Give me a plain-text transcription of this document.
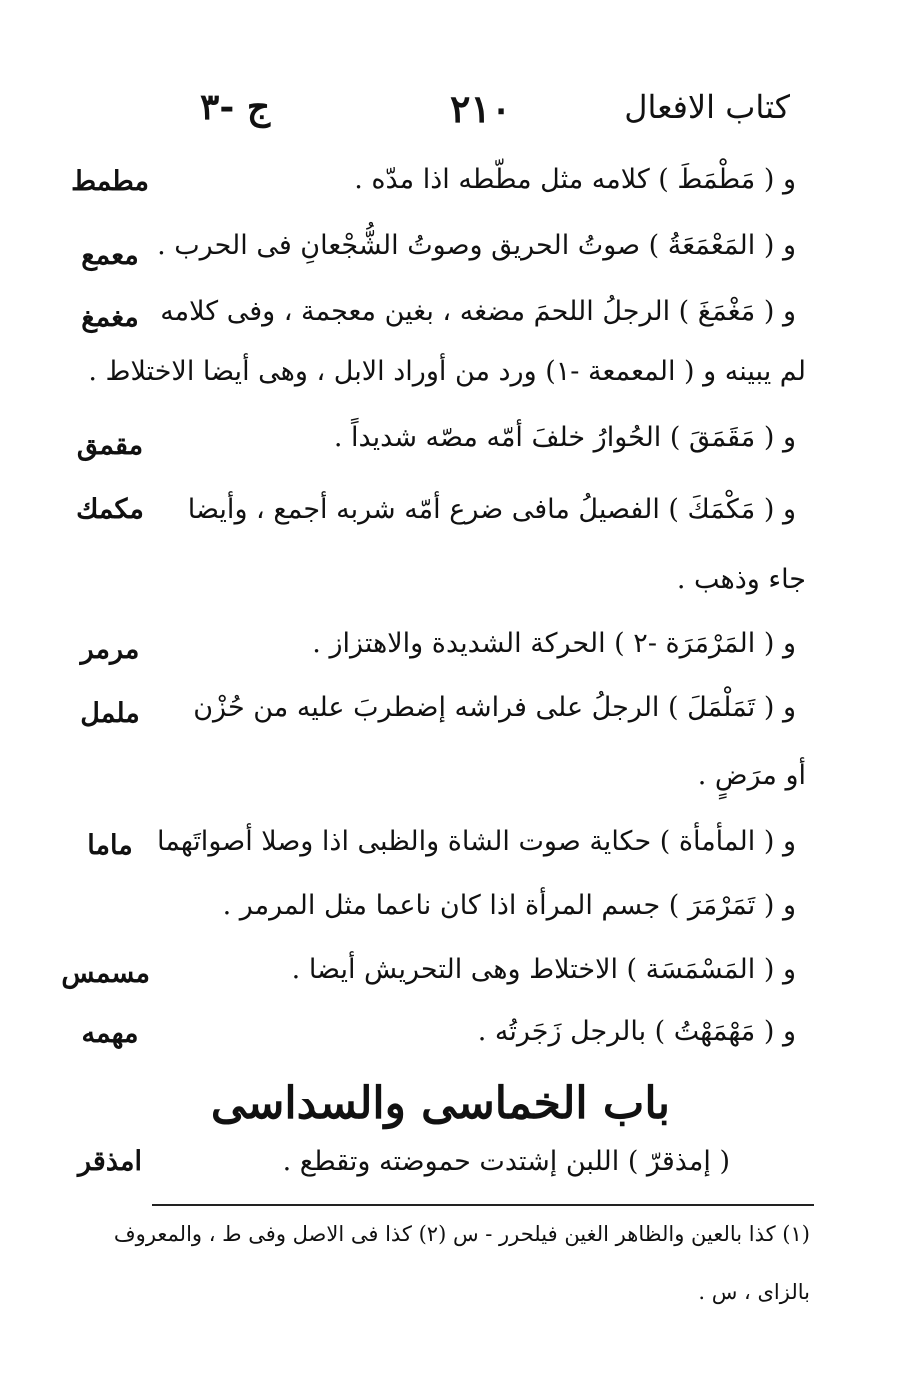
كتاب الافعال
٢١٠
ج -٣
و ( مَطْمَطَ ) كلامه مثل مطّطه اذا مدّه .
مطمط
و ( المَعْمَعَةُ ) صوتُ الحريق وصوتُ الشُّجْعانِ فى الحرب .
معمع
و ( مَغْمَغَ ) الرجلُ اللحمَ مضغه ، بغين معجمة ، وفى كلامه
مغمغ
لم يبينه و ( المعمعة -١) ورد من أوراد الابل ، وهى أيضا الاختلاط .
و ( مَقَمَقَ ) الحُوارُ خلفَ أمّه مصّه شديداً .
مقمق
و ( مَكْمَكَ ) الفصيلُ مافى ضرع أمّه شربه أجمع ، وأيضا
مكمك
جاء وذهب .
و ( المَرْمَرَة -٢ ) الحركة الشديدة والاهتزاز .
مرمر
و ( تَمَلْمَلَ ) الرجلُ على فراشه إضطربَ عليه من حُزْن
ململ
أو مرَضٍ .
و ( المأمأة ) حكاية صوت الشاة والظبى اذا وصلا أصواتَهما
ماما
و ( تَمَرْمَرَ ) جسم المرأة اذا كان ناعما مثل المرمر .
و ( المَسْمَسَة ) الاختلاط وهى التحريش أيضا .
مسمس
و ( مَهْمَهْتُ ) بالرجل زَجَرتُه .
مهمه
باب الخماسى والسداسى
( إمذقرّ ) اللبن إشتدت حموضته وتقطع .
امذقر
(١) كذا بالعين والظاهر الغين فيلحرر - س (٢) كذا فى الاصل وفى ط ، والمعروف
بالزاى ، س .
